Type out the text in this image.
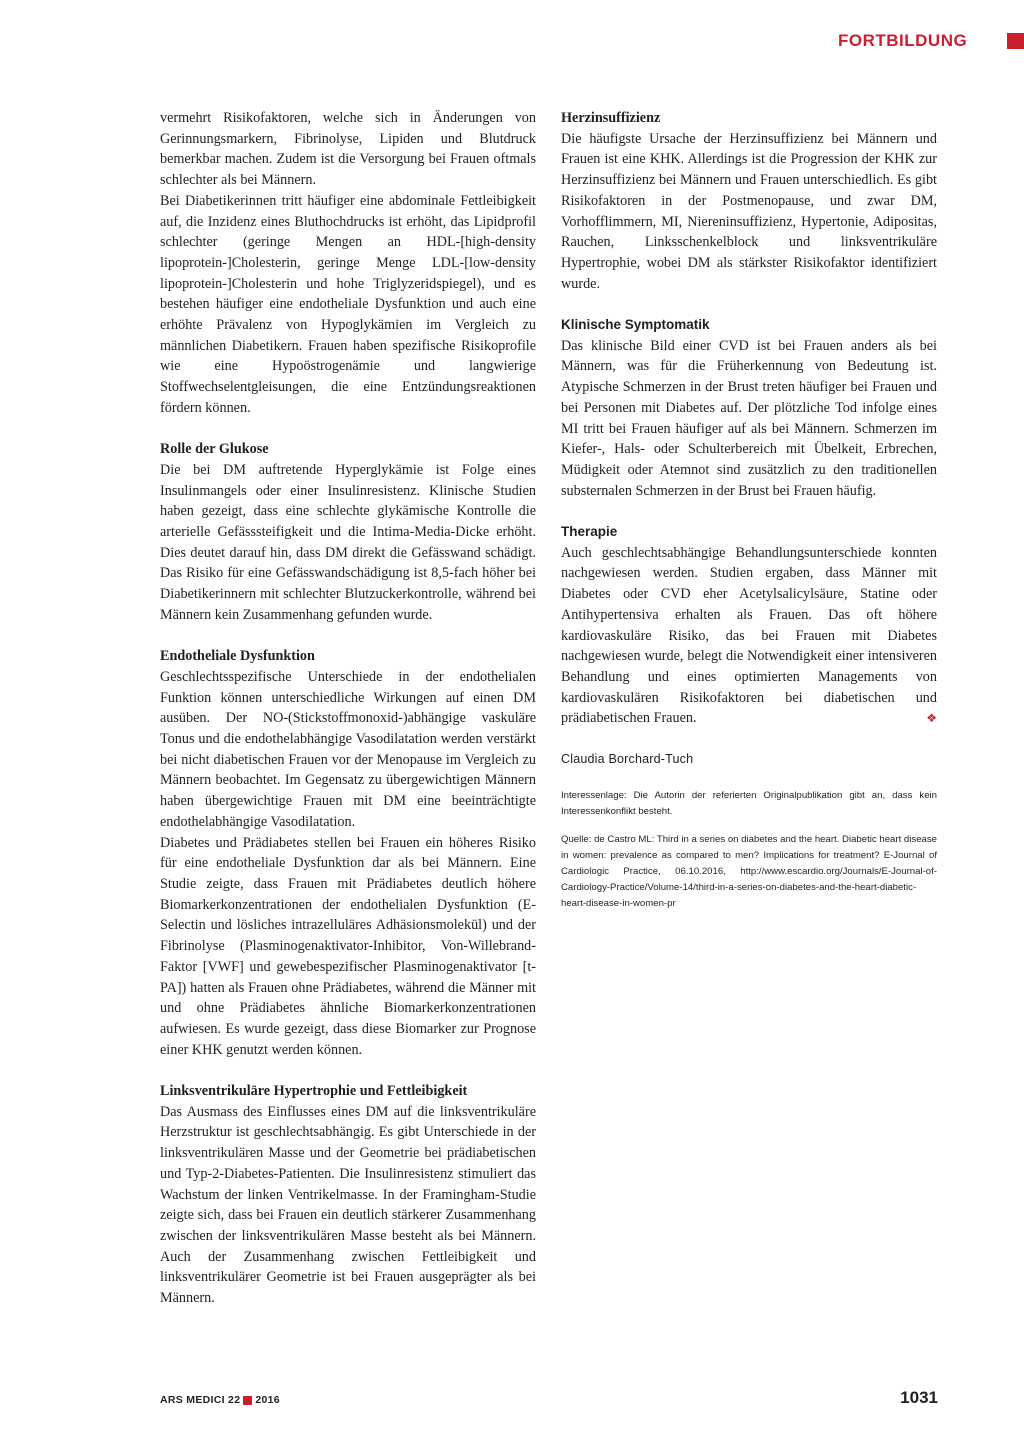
FORTBILDUNG

vermehrt Risikofaktoren, welche sich in Änderungen von Gerinnungsmarkern, Fibrinolyse, Lipiden und Blutdruck bemerkbar machen. Zudem ist die Versorgung bei Frauen oftmals schlechter als bei Männern.

Bei Diabetikerinnen tritt häufiger eine abdominale Fettleibigkeit auf, die Inzidenz eines Bluthochdrucks ist erhöht, das Lipidprofil schlechter (geringe Mengen an HDL-[high-density lipoprotein-]Cholesterin, geringe Menge LDL-[low-density lipoprotein-]Cholesterin und hohe Triglyzeridspiegel), und es bestehen häufiger eine endotheliale Dysfunktion und auch eine erhöhte Prävalenz von Hypoglykämien im Vergleich zu männlichen Diabetikern. Frauen haben spezifische Risikoprofile wie eine Hypoöstrogenämie und langwierige Stoffwechselentgleisungen, die eine Entzündungsreaktionen fördern können.

Rolle der Glukose

Die bei DM auftretende Hyperglykämie ist Folge eines Insulinmangels oder einer Insulinresistenz. Klinische Studien haben gezeigt, dass eine schlechte glykämische Kontrolle die arterielle Gefässsteifigkeit und die Intima-Media-Dicke erhöht. Dies deutet darauf hin, dass DM direkt die Gefässwand schädigt. Das Risiko für eine Gefässwandschädigung ist 8,5-fach höher bei Diabetikerinnern mit schlechter Blutzuckerkontrolle, während bei Männern kein Zusammenhang gefunden wurde.

Endotheliale Dysfunktion

Geschlechtsspezifische Unterschiede in der endothelialen Funktion können unterschiedliche Wirkungen auf einen DM ausüben. Der NO-(Stickstoffmonoxid-)abhängige vaskuläre Tonus und die endothelabhängige Vasodilatation werden verstärkt bei nicht diabetischen Frauen vor der Menopause im Vergleich zu Männern beobachtet. Im Gegensatz zu übergewichtigen Männern haben übergewichtige Frauen mit DM eine beeinträchtigte endothelabhängige Vasodilatation.

Diabetes und Prädiabetes stellen bei Frauen ein höheres Risiko für eine endotheliale Dysfunktion dar als bei Männern. Eine Studie zeigte, dass Frauen mit Prädiabetes deutlich höhere Biomarkerkonzentrationen der endothelialen Dysfunktion (E-Selectin und lösliches intrazelluläres Adhäsionsmolekül) und der Fibrinolyse (Plasminogenaktivator-Inhibitor, Von-Willebrand-Faktor [VWF] und gewebespezifischer Plasminogenaktivator [t-PA]) hatten als Frauen ohne Prädiabetes, während die Männer mit und ohne Prädiabetes ähnliche Biomarkerkonzentrationen aufwiesen. Es wurde gezeigt, dass diese Biomarker zur Prognose einer KHK genutzt werden können.

Linksventrikuläre Hypertrophie und Fettleibigkeit

Das Ausmass des Einflusses eines DM auf die linksventrikuläre Herzstruktur ist geschlechtsabhängig. Es gibt Unterschiede in der linksventrikulären Masse und der Geometrie bei prädiabetischen und Typ-2-Diabetes-Patienten. Die Insulinresistenz stimuliert das Wachstum der linken Ventrikelmasse. In der Framingham-Studie zeigte sich, dass bei Frauen ein deutlich stärkerer Zusammenhang zwischen der linksventrikulären Masse besteht als bei Männern. Auch der Zusammenhang zwischen Fettleibigkeit und linksventrikulärer Geometrie ist bei Frauen ausgeprägter als bei Männern.

Herzinsuffizienz

Die häufigste Ursache der Herzinsuffizienz bei Männern und Frauen ist eine KHK. Allerdings ist die Progression der KHK zur Herzinsuffizienz bei Männern und Frauen unterschiedlich. Es gibt Risikofaktoren in der Postmenopause, und zwar DM, Vorhofflimmern, MI, Niereninsuffizienz, Hypertonie, Adipositas, Rauchen, Linksschenkelblock und linksventrikuläre Hypertrophie, wobei DM als stärkster Risikofaktor identifiziert wurde.

Klinische Symptomatik

Das klinische Bild einer CVD ist bei Frauen anders als bei Männern, was für die Früherkennung von Bedeutung ist. Atypische Schmerzen in der Brust treten häufiger bei Frauen und bei Personen mit Diabetes auf. Der plötzliche Tod infolge eines MI tritt bei Frauen häufiger auf als bei Männern. Schmerzen im Kiefer-, Hals- oder Schulterbereich mit Übelkeit, Erbrechen, Müdigkeit oder Atemnot sind zusätzlich zu den traditionellen substernalen Schmerzen in der Brust bei Frauen häufig.

Therapie

Auch geschlechtsabhängige Behandlungsunterschiede konnten nachgewiesen werden. Studien ergaben, dass Männer mit Diabetes oder CVD eher Acetylsalicylsäure, Statine oder Antihypertensiva erhalten als Frauen. Das oft höhere kardiovaskuläre Risiko, das bei Frauen mit Diabetes nachgewiesen wurde, belegt die Notwendigkeit einer intensiveren Behandlung und eines optimierten Managements von kardiovaskulären Risikofaktoren bei diabetischen und prädiabetischen Frauen.	❖

Claudia Borchard-Tuch
Interessenlage: Die Autorin der referierten Originalpublikation gibt an, dass kein Interessenkonflikt besteht.
Quelle: de Castro ML: Third in a series on diabetes and the heart. Diabetic heart disease in women: prevalence as compared to men? Implications for treatment? E-Journal of Cardiologic Practice, 06.10.2016, http://www.escardio.org/Journals/E-Journal-of-Cardiology-Practice/Volume-14/third-in-a-series-on-diabetes-and-the-heart-diabetic-heart-disease-in-women-pr
ARS MEDICI 22 2016	1031
